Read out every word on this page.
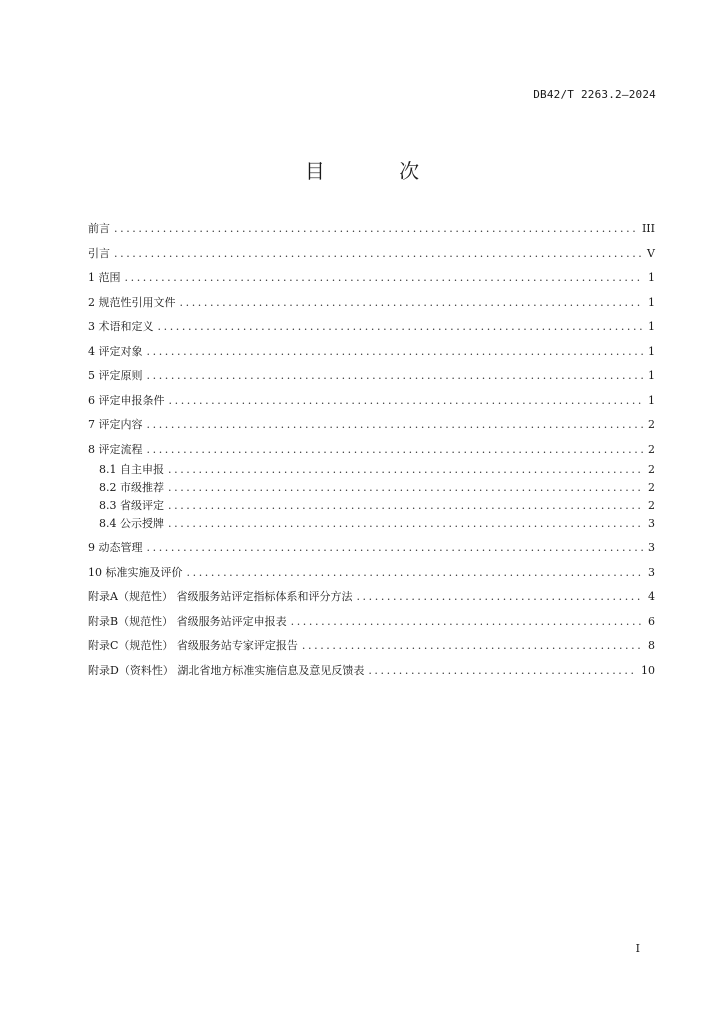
DB42/T 2263.2—2024
目 次
前言 .....	III
引言 .....	V
1 范围 .....	1
2 规范性引用文件 .....	1
3 术语和定义 .....	1
4 评定对象 .....	1
5 评定原则 .....	1
6 评定申报条件 .....	1
7 评定内容 .....	2
8 评定流程 .....	2
8.1 自主申报 .....	2
8.2 市级推荐 .....	2
8.3 省级评定 .....	2
8.4 公示授牌 .....	3
9 动态管理 .....	3
10 标准实施及评价 .....	3
附录A（规范性） 省级服务站评定指标体系和评分方法 .....	4
附录B（规范性） 省级服务站评定申报表 .....	6
附录C（规范性） 省级服务站专家评定报告 .....	8
附录D（资料性） 湖北省地方标准实施信息及意见反馈表 .....	10
I
